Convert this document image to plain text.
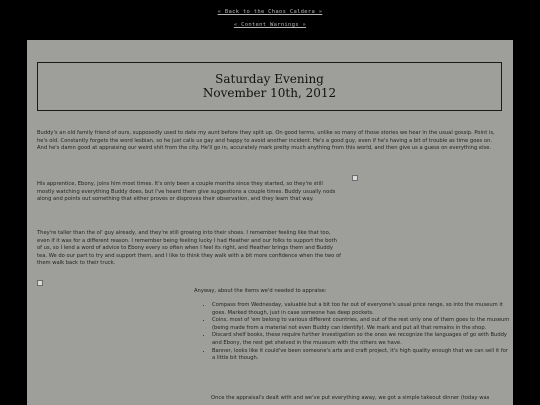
« Back to the Chaos Caldera »
« Content Warnings »
Saturday Evening
November 10th, 2012

Buddy's an old family friend of ours, supposedly used to date my aunt before they split up. On good terms, unlike so many of those stories we hear in the usual gossip. Point is, he's old. Constantly forgets the word lesbian, so he just calls us gay and happy to avoid another incident. He's a good guy, even if he's having a bit of trouble as time goes on. And he's damn good at appraising our weird shit from the city. He'll go in, accurately mark pretty much anything from this world, and then give us a guess on everything else.

His apprentice, Ebony, joins him most times. It's only been a couple months since they started, so they're still mostly watching everything Buddy does, but I've heard them give suggestions a couple times. Buddy usually nods along and points out something that either proves or disproves their observation, and they learn that way.

They're taller than the ol' guy already, and they're still growing into their shoes. I remember feeling like that too, even if it was for a different reason. I remember being feeling lucky I had Heather and our folks to support the both of us, so I lend a word of advice to Ebony every so often when I feel its right, and Heather brings them and Buddy tea. We do our part to try and support them, and I like to think they walk with a bit more confidence when the two of them walk back to their truck.

Anyway, about the items we'd needed to appraise:

• Compass from Wednesday, valuable but a bit too far out of everyone's usual price range, so into the museum it goes. Marked though, just in case someone has deep pockets.
• Coins, most of 'em belong to various different countries, and out of the rest only one of them goes to the museum (being made from a material not even Buddy can identify). We mark and put all that remains in the shop.
• Discard shelf books, these require further investigation so the ones we recognize the languages of go with Buddy and Ebony, the rest get shelved in the museum with the others we have.
• Banner, looks like it could've been someone's arts and craft project, it's high quality enough that we can sell it for a little bit though.

Once the appraisal's dealt with and we've put everything away, we got a simple takeout dinner (today was
